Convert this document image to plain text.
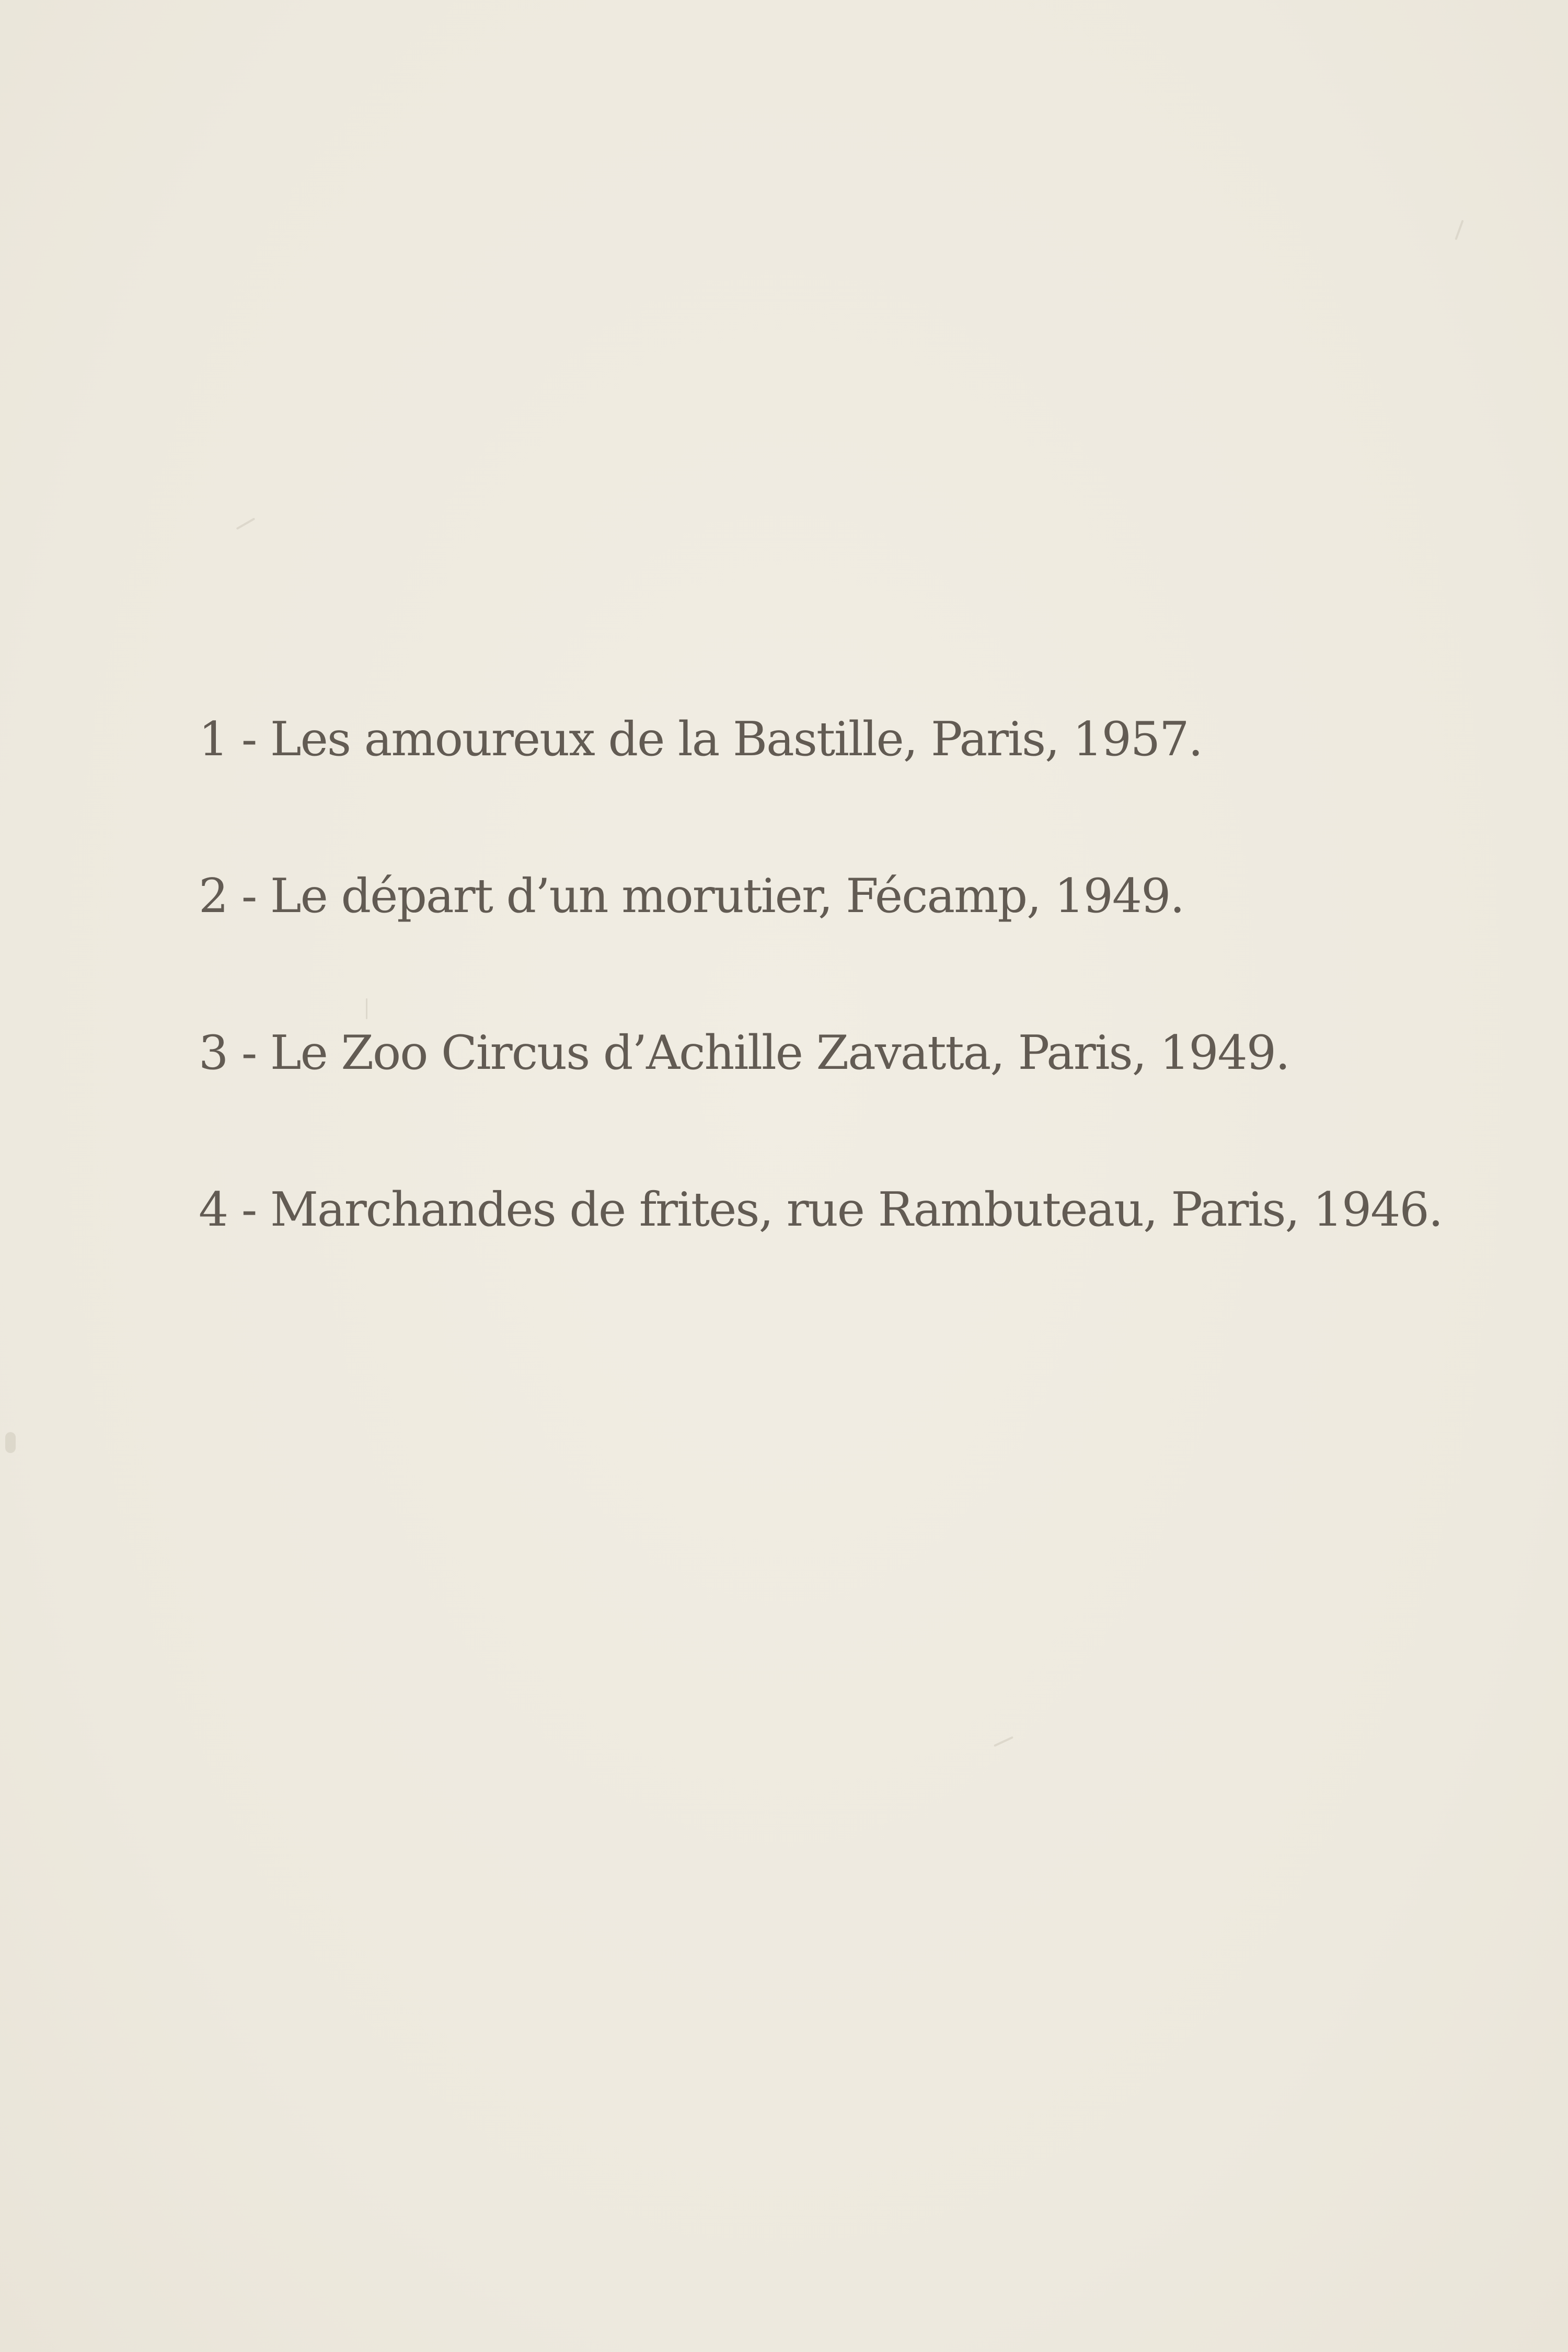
1 - Les amoureux de la Bastille, Paris, 1957.
2 - Le départ d’un morutier, Fécamp, 1949.
3 - Le Zoo Circus d’Achille Zavatta, Paris, 1949.
4 - Marchandes de frites, rue Rambuteau, Paris, 1946.
